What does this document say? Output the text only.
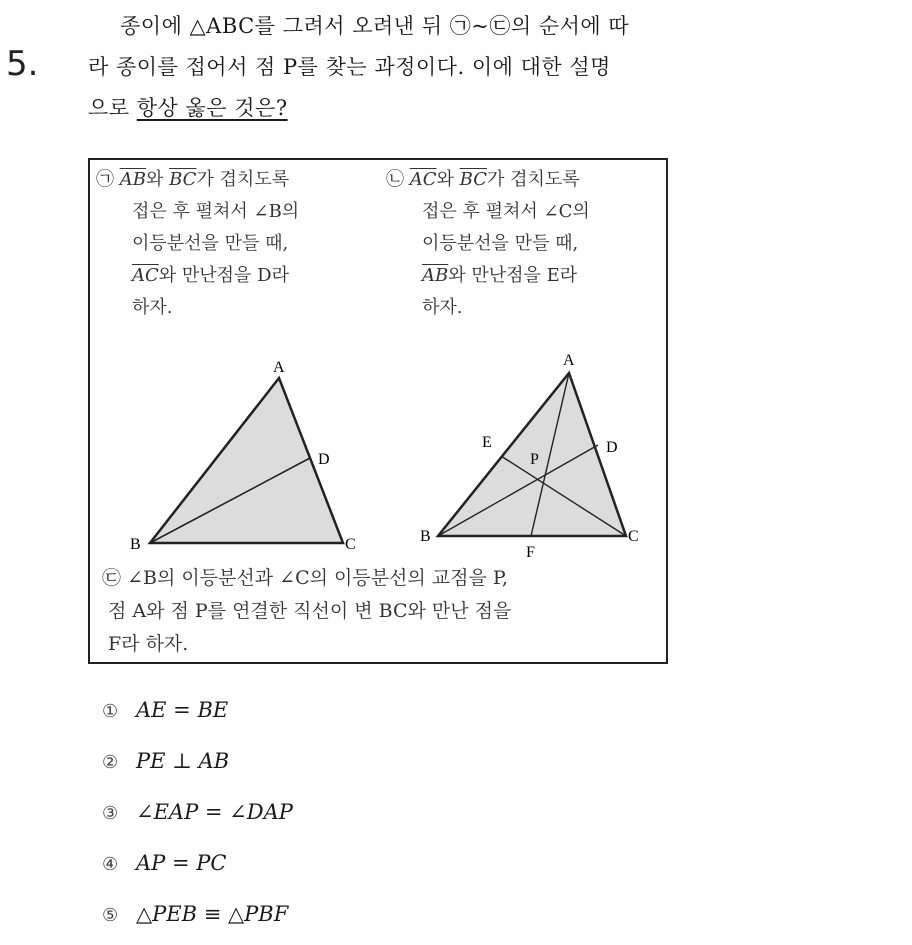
5.
종이에 △ABC를 그려서 오려낸 뒤 ㉠~㉢의 순서에 따
라 종이를 접어서 점 P를 찾는 과정이다. 이에 대한 설명
으로 항상 옳은 것은?
㉠ $\overline{AB}$와 $\overline{BC}$가 겹치도록
접은 후 펼쳐서 ∠B의
이등분선을 만들 때,
$\overline{AC}$와 만난점을 D라
하자.
㉡ $\overline{AC}$와 $\overline{BC}$가 겹치도록
접은 후 펼쳐서 ∠C의
이등분선을 만들 때,
$\overline{AB}$와 만난점을 E라
하자.
A
B	C
D
A
B	C
D
E
F
P
㉢ ∠B의 이등분선과 ∠C의 이등분선의 교점을 P,
점 A와 점 P를 연결한 직선이 변 BC와 만난 점을
F라 하자.
① AE = BE
② PE ⊥ AB
③ ∠EAP = ∠DAP
④ AP = PC
⑤ △PEB ≡ △PBF
